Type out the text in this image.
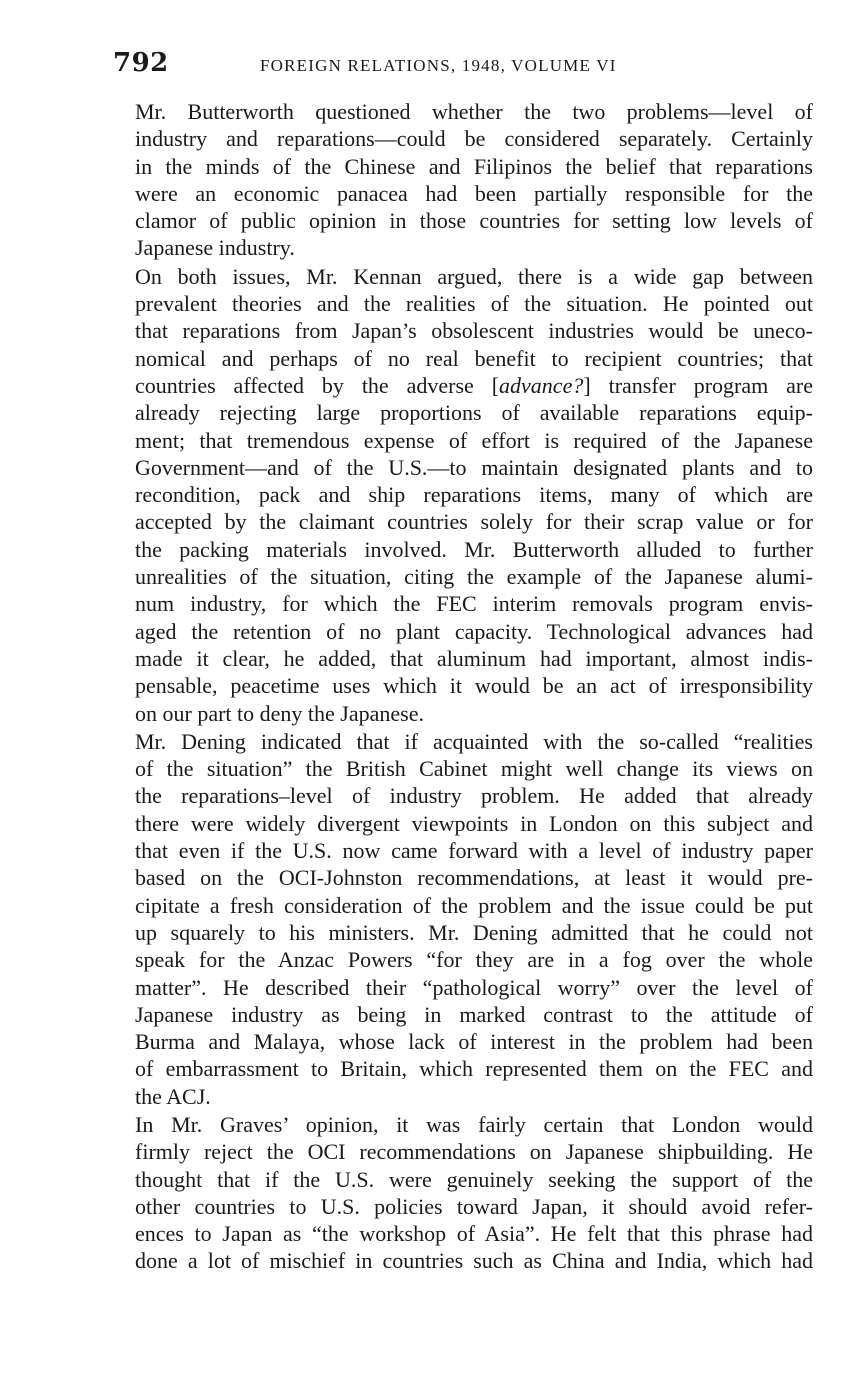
792	FOREIGN RELATIONS, 1948, VOLUME VI

Mr. Butterworth questioned whether the two problems—level of
industry and reparations—could be considered separately. Certainly
in the minds of the Chinese and Filipinos the belief that reparations
were an economic panacea had been partially responsible for the
clamor of public opinion in those countries for setting low levels of
Japanese industry.

On both issues, Mr. Kennan argued, there is a wide gap between
prevalent theories and the realities of the situation. He pointed out
that reparations from Japan’s obsolescent industries would be uneco-
nomical and perhaps of no real benefit to recipient countries; that
countries affected by the adverse [advance?] transfer program are
already rejecting large proportions of available reparations equip-
ment; that tremendous expense of effort is required of the Japanese
Government—and of the U.S.—to maintain designated plants and to
recondition, pack and ship reparations items, many of which are
accepted by the claimant countries solely for their scrap value or for
the packing materials involved. Mr. Butterworth alluded to further
unrealities of the situation, citing the example of the Japanese alumi-
num industry, for which the FEC interim removals program envis-
aged the retention of no plant capacity. Technological advances had
made it clear, he added, that aluminum had important, almost indis-
pensable, peacetime uses which it would be an act of irresponsibility
on our part to deny the Japanese.

Mr. Dening indicated that if acquainted with the so-called “realities
of the situation” the British Cabinet might well change its views on
the reparations–level of industry problem. He added that already
there were widely divergent viewpoints in London on this subject and
that even if the U.S. now came forward with a level of industry paper
based on the OCI-Johnston recommendations, at least it would pre-
cipitate a fresh consideration of the problem and the issue could be put
up squarely to his ministers. Mr. Dening admitted that he could not
speak for the Anzac Powers “for they are in a fog over the whole
matter”. He described their “pathological worry” over the level of
Japanese industry as being in marked contrast to the attitude of
Burma and Malaya, whose lack of interest in the problem had been
of embarrassment to Britain, which represented them on the FEC and
the ACJ.

In Mr. Graves’ opinion, it was fairly certain that London would
firmly reject the OCI recommendations on Japanese shipbuilding. He
thought that if the U.S. were genuinely seeking the support of the
other countries to U.S. policies toward Japan, it should avoid refer-
ences to Japan as “the workshop of Asia”. He felt that this phrase had
done a lot of mischief in countries such as China and India, which had
